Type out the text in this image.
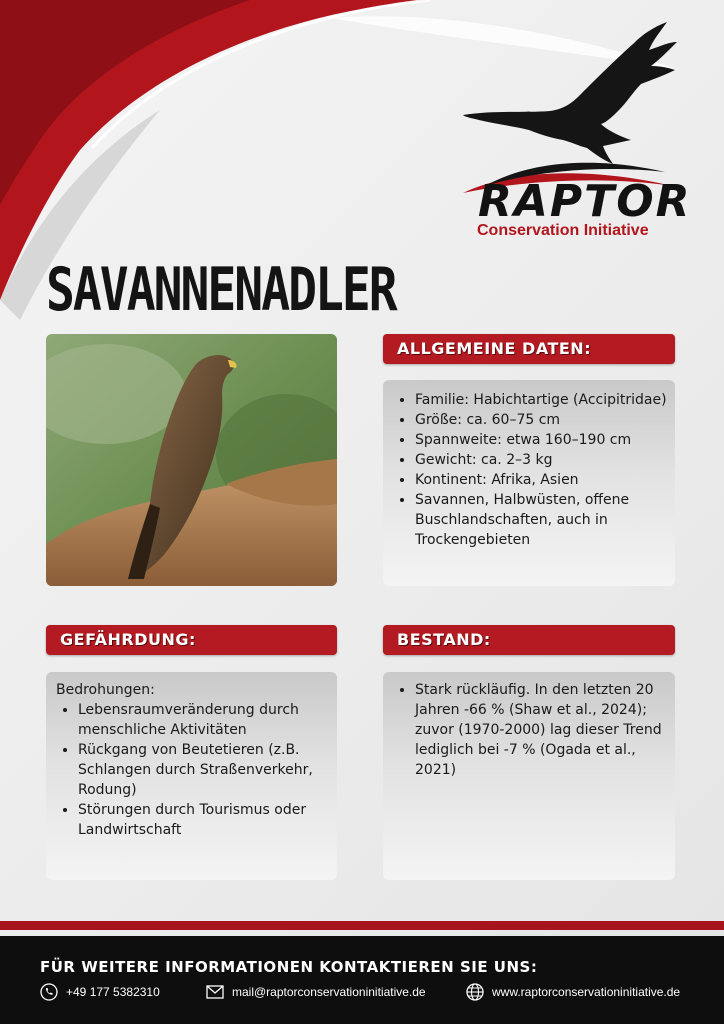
RAPTOR
Conservation Initiative
SAVANNENADLER
ALLGEMEINE DATEN:
• Familie: Habichtartige (Accipitridae)
• Größe: ca. 60–75 cm
• Spannweite: etwa 160–190 cm
• Gewicht: ca. 2–3 kg
• Kontinent: Afrika, Asien
• Savannen, Halbwüsten, offene Buschlandschaften, auch in Trockengebieten
GEFÄHRDUNG:
Bedrohungen:
• Lebensraumveränderung durch menschliche Aktivitäten
• Rückgang von Beutetieren (z.B. Schlangen durch Straßenverkehr, Rodung)
• Störungen durch Tourismus oder Landwirtschaft
BESTAND:
• Stark rückläufig. In den letzten 20 Jahren -66 % (Shaw et al., 2024); zuvor (1970-2000) lag dieser Trend lediglich bei -7 % (Ogada et al., 2021)
FÜR WEITERE INFORMATIONEN KONTAKTIEREN SIE UNS:
+49 177 5382310	mail@raptorconservationinitiative.de	www.raptorconservationinitiative.de
